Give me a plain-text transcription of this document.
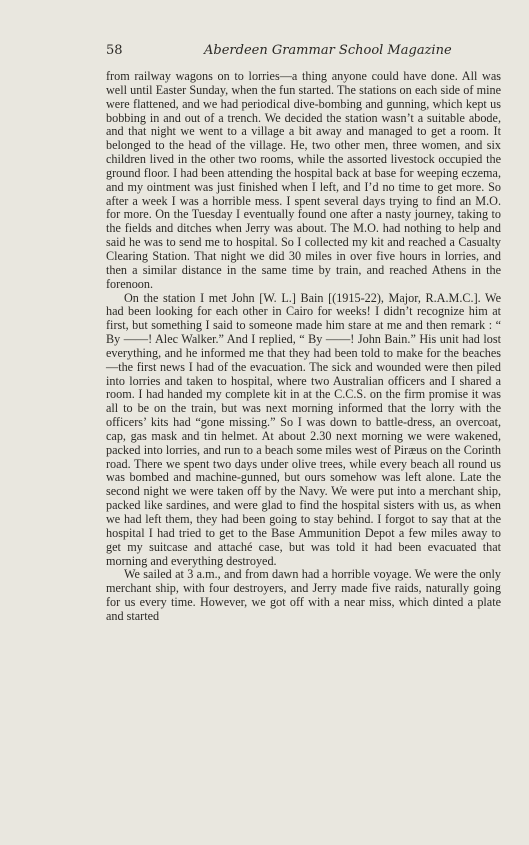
58	Aberdeen Grammar School Magazine

from railway wagons on to lorries—a thing anyone could have done. All was well until Easter Sunday, when the fun started. The stations on each side of mine were flattened, and we had periodical dive-bombing and gunning, which kept us bobbing in and out of a trench. We decided the station wasn’t a suitable abode, and that night we went to a village a bit away and managed to get a room. It belonged to the head of the village. He, two other men, three women, and six children lived in the other two rooms, while the assorted livestock occupied the ground floor. I had been attending the hospital back at base for weeping eczema, and my ointment was just finished when I left, and I’d no time to get more. So after a week I was a horrible mess. I spent several days trying to find an M.O. for more. On the Tuesday I eventually found one after a nasty journey, taking to the fields and ditches when Jerry was about. The M.O. had nothing to help and said he was to send me to hospital. So I collected my kit and reached a Casualty Clearing Station. That night we did 30 miles in over five hours in lorries, and then a similar distance in the same time by train, and reached Athens in the forenoon.

On the station I met John [W. L.] Bain [(1915-22), Major, R.A.M.C.]. We had been looking for each other in Cairo for weeks! I didn’t recognize him at first, but something I said to someone made him stare at me and then remark : “ By ——! Alec Walker.” And I replied, “ By ——! John Bain.” His unit had lost everything, and he informed me that they had been told to make for the beaches—the first news I had of the evacuation. The sick and wounded were then piled into lorries and taken to hospital, where two Australian officers and I shared a room. I had handed my complete kit in at the C.C.S. on the firm promise it was all to be on the train, but was next morning informed that the lorry with the officers’ kits had “gone missing.” So I was down to battle-dress, an overcoat, cap, gas mask and tin helmet. At about 2.30 next morning we were wakened, packed into lorries, and run to a beach some miles west of Piræus on the Corinth road. There we spent two days under olive trees, while every beach all round us was bombed and machine-gunned, but ours somehow was left alone. Late the second night we were taken off by the Navy. We were put into a merchant ship, packed like sardines, and were glad to find the hospital sisters with us, as when we had left them, they had been going to stay behind. I forgot to say that at the hospital I had tried to get to the Base Ammunition Depot a few miles away to get my suitcase and attaché case, but was told it had been evacuated that morning and everything destroyed.

We sailed at 3 a.m., and from dawn had a horrible voyage. We were the only merchant ship, with four destroyers, and Jerry made five raids, naturally going for us every time. However, we got off with a near miss, which dinted a plate and started
